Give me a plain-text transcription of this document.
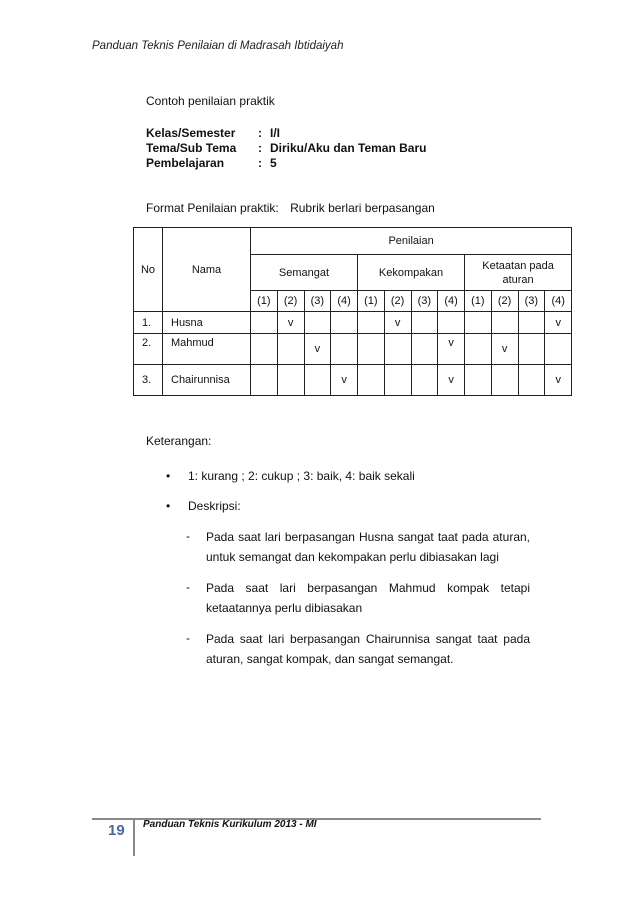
Panduan Teknis Penilaian di Madrasah Ibtidaiyah
Contoh penilaian praktik
Kelas/Semester	: I/I
Tema/Sub Tema	: Diriku/Aku dan Teman Baru
Pembelajaran	: 5
Format Penilaian praktik: Rubrik berlari berpasangan
No	Nama	Penilaian											
		Semangat				Kekompakan				Ketaatan pada aturan			
		(1)	(2)	(3)	(4)	(1)	(2)	(3)	(4)	(1)	(2)	(3)	(4)
1.	Husna		v				v						v
2.	Mahmud			v					v		v		
3.	Chairunnisa				v				v				v
Keterangan:
•	1: kurang ; 2: cukup ; 3: baik, 4: baik sekali
•	Deskripsi:
-	Pada saat lari berpasangan Husna sangat taat pada aturan, untuk semangat dan kekompakan perlu dibiasakan lagi
-	Pada saat lari berpasangan Mahmud kompak tetapi ketaatannya perlu dibiasakan
-	Pada saat lari berpasangan Chairunnisa sangat taat pada aturan, sangat kompak, dan sangat semangat.
19 Panduan Teknis Kurikulum 2013 - MI
